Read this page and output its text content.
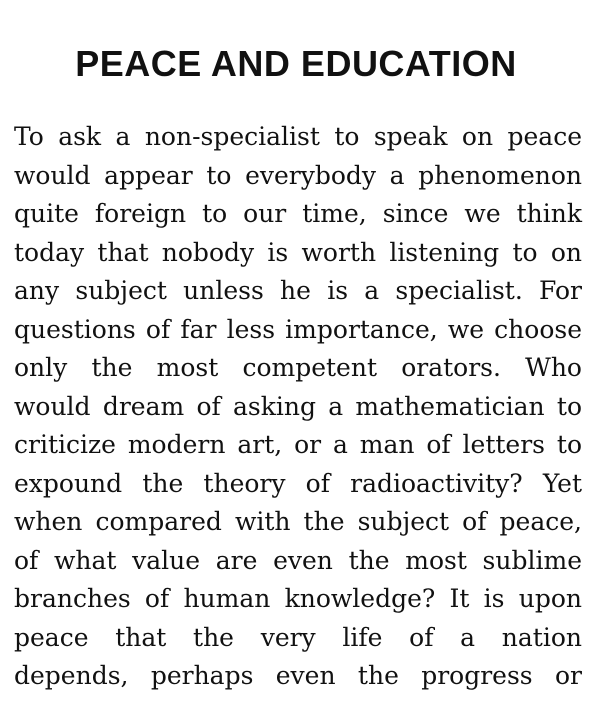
PEACE AND EDUCATION
To ask a non-specialist to speak on peace
would appear to everybody a phenomenon
quite foreign to our time, since we think
today that nobody is worth listening to on
any subject unless he is a specialist. For
questions of far less importance, we choose
only the most competent orators. Who
would dream of asking a mathematician to
criticize modern art, or a man of letters to
expound the theory of radioactivity? Yet
when compared with the subject of peace,
of what value are even the most sublime
branches of human knowledge? It is upon
peace that the very life of a nation
depends, perhaps even the progress or
